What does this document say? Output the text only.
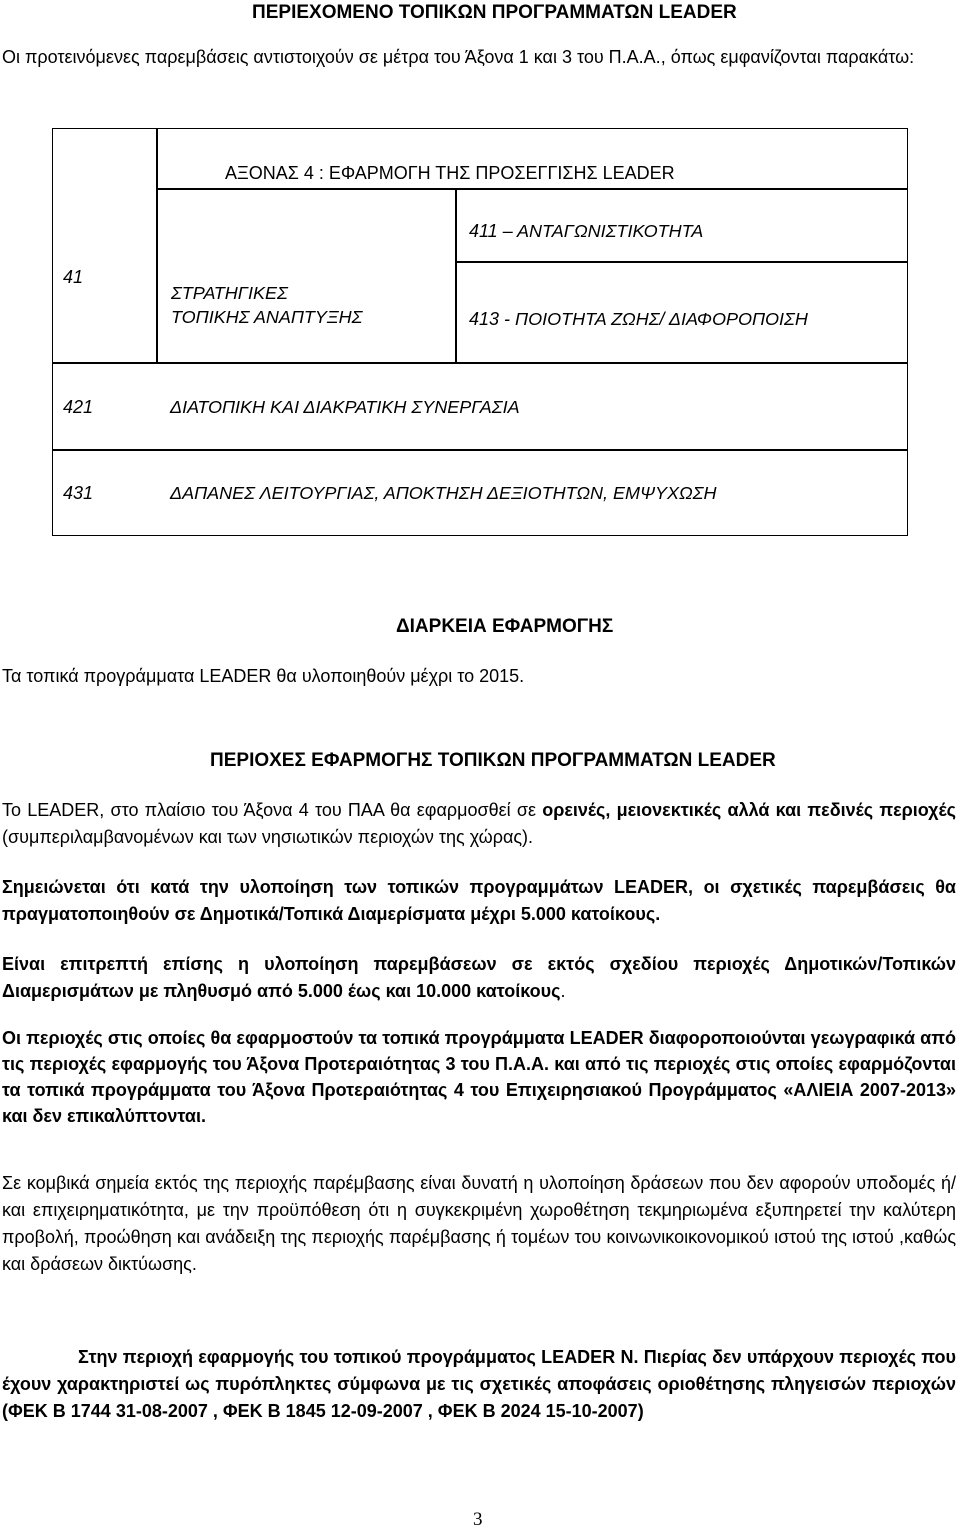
ΠΕΡΙΕΧΟΜΕΝΟ ΤΟΠΙΚΩΝ ΠΡΟΓΡΑΜΜΑΤΩΝ LEADER
Οι προτεινόμενες παρεμβάσεις αντιστοιχούν σε μέτρα του Άξονα 1 και 3 του Π.Α.Α., όπως εμφανίζονται παρακάτω:
ΑΞΟΝΑΣ 4 : ΕΦΑΡΜΟΓΗ ΤΗΣ ΠΡΟΣΕΓΓΙΣΗΣ LEADER
41
ΣΤΡΑΤΗΓΙΚΕΣ
ΤΟΠΙΚΗΣ ΑΝΑΠΤΥΞΗΣ
411 – ΑΝΤΑΓΩΝΙΣΤΙΚΟΤΗΤΑ
413 - ΠΟΙΟΤΗΤΑ ΖΩΗΣ/ ΔΙΑΦΟΡΟΠΟΙΣΗ
421	ΔΙΑΤΟΠΙΚΗ ΚΑΙ ΔΙΑΚΡΑΤΙΚΗ ΣΥΝΕΡΓΑΣΙΑ
431	ΔΑΠΑΝΕΣ ΛΕΙΤΟΥΡΓΙΑΣ, ΑΠΟΚΤΗΣΗ ΔΕΞΙΟΤΗΤΩΝ, ΕΜΨΥΧΩΣΗ
ΔΙΑΡΚΕΙΑ ΕΦΑΡΜΟΓΗΣ
Τα τοπικά προγράμματα LEADER θα υλοποιηθούν μέχρι το 2015.
ΠΕΡΙΟΧΕΣ ΕΦΑΡΜΟΓΗΣ ΤΟΠΙΚΩΝ ΠΡΟΓΡΑΜΜΑΤΩΝ LEADER
Το LEADER, στο πλαίσιο του Άξονα 4 του ΠΑΑ θα εφαρμοσθεί σε ορεινές, μειονεκτικές αλλά και πεδινές περιοχές (συμπεριλαμβανομένων και των νησιωτικών περιοχών της χώρας).
Σημειώνεται ότι κατά την υλοποίηση των τοπικών προγραμμάτων LEADER, οι σχετικές παρεμβάσεις θα πραγματοποιηθούν σε Δημοτικά/Τοπικά Διαμερίσματα μέχρι 5.000 κατοίκους.
Είναι επιτρεπτή επίσης η υλοποίηση παρεμβάσεων σε εκτός σχεδίου περιοχές Δημοτικών/Τοπικών Διαμερισμάτων με πληθυσμό από 5.000 έως και 10.000 κατοίκους.
Οι περιοχές στις οποίες θα εφαρμοστούν τα τοπικά προγράμματα LEADER διαφοροποιούνται γεωγραφικά από τις περιοχές εφαρμογής του Άξονα Προτεραιότητας 3 του Π.Α.Α. και από τις περιοχές στις οποίες εφαρμόζονται τα τοπικά προγράμματα του Άξονα Προτεραιότητας 4 του Επιχειρησιακού Προγράμματος «ΑΛΙΕΙΑ 2007-2013» και δεν επικαλύπτονται.
Σε κομβικά σημεία εκτός της περιοχής παρέμβασης είναι δυνατή η υλοποίηση δράσεων που δεν αφορούν υποδομές ή/και επιχειρηματικότητα, με την προϋπόθεση ότι η συγκεκριμένη χωροθέτηση τεκμηριωμένα εξυπηρετεί την καλύτερη προβολή, προώθηση και ανάδειξη της περιοχής παρέμβασης ή τομέων του κοινωνικοικονομικού ιστού της ιστού ,καθώς και δράσεων δικτύωσης.
Στην περιοχή εφαρμογής του τοπικού προγράμματος LEADER Ν. Πιερίας δεν υπάρχουν περιοχές που έχουν χαρακτηριστεί ως πυρόπληκτες σύμφωνα με τις σχετικές αποφάσεις οριοθέτησης πληγεισών περιοχών (ΦΕΚ Β 1744 31-08-2007 , ΦΕΚ Β 1845 12-09-2007 , ΦΕΚ Β 2024 15-10-2007)
3
